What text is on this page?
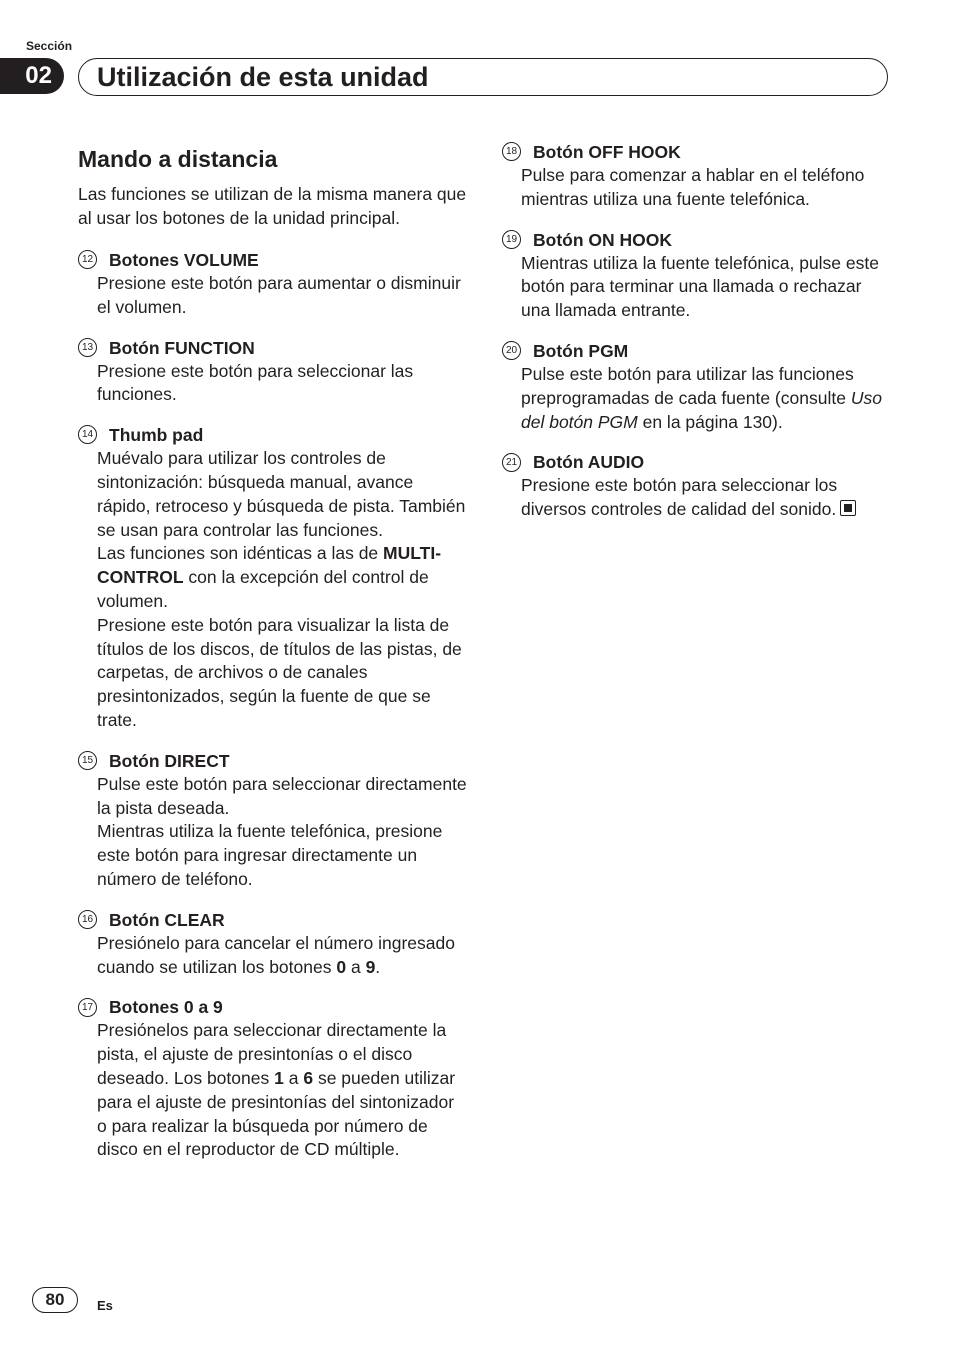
Sección
02	Utilización de esta unidad
Mando a distancia

Las funciones se utilizan de la misma manera que al usar los botones de la unidad principal.

12 Botones VOLUME

Presione este botón para aumentar o disminuir el volumen.

13 Botón FUNCTION

Presione este botón para seleccionar las funciones.

14 Thumb pad

Muévalo para utilizar los controles de sintonización: búsqueda manual, avance rápido, retroceso y búsqueda de pista. También se usan para controlar las funciones.

Las funciones son idénticas a las de MULTI-CONTROL con la excepción del control de volumen.

Presione este botón para visualizar la lista de títulos de los discos, de títulos de las pistas, de carpetas, de archivos o de canales presintonizados, según la fuente de que se trate.

15 Botón DIRECT

Pulse este botón para seleccionar directamente la pista deseada.

Mientras utiliza la fuente telefónica, presione este botón para ingresar directamente un número de teléfono.

16 Botón CLEAR

Presiónelo para cancelar el número ingresado cuando se utilizan los botones 0 a 9.

17 Botones 0 a 9

Presiónelos para seleccionar directamente la pista, el ajuste de presintonías o el disco deseado. Los botones 1 a 6 se pueden utilizar para el ajuste de presintonías del sintonizador o para realizar la búsqueda por número de disco en el reproductor de CD múltiple.

18 Botón OFF HOOK

Pulse para comenzar a hablar en el teléfono mientras utiliza una fuente telefónica.

19 Botón ON HOOK

Mientras utiliza la fuente telefónica, pulse este botón para terminar una llamada o rechazar una llamada entrante.

20 Botón PGM

Pulse este botón para utilizar las funciones preprogramadas de cada fuente (consulte Uso del botón PGM en la página 130).

21 Botón AUDIO

Presione este botón para seleccionar los diversos controles de calidad del sonido.

80	Es
